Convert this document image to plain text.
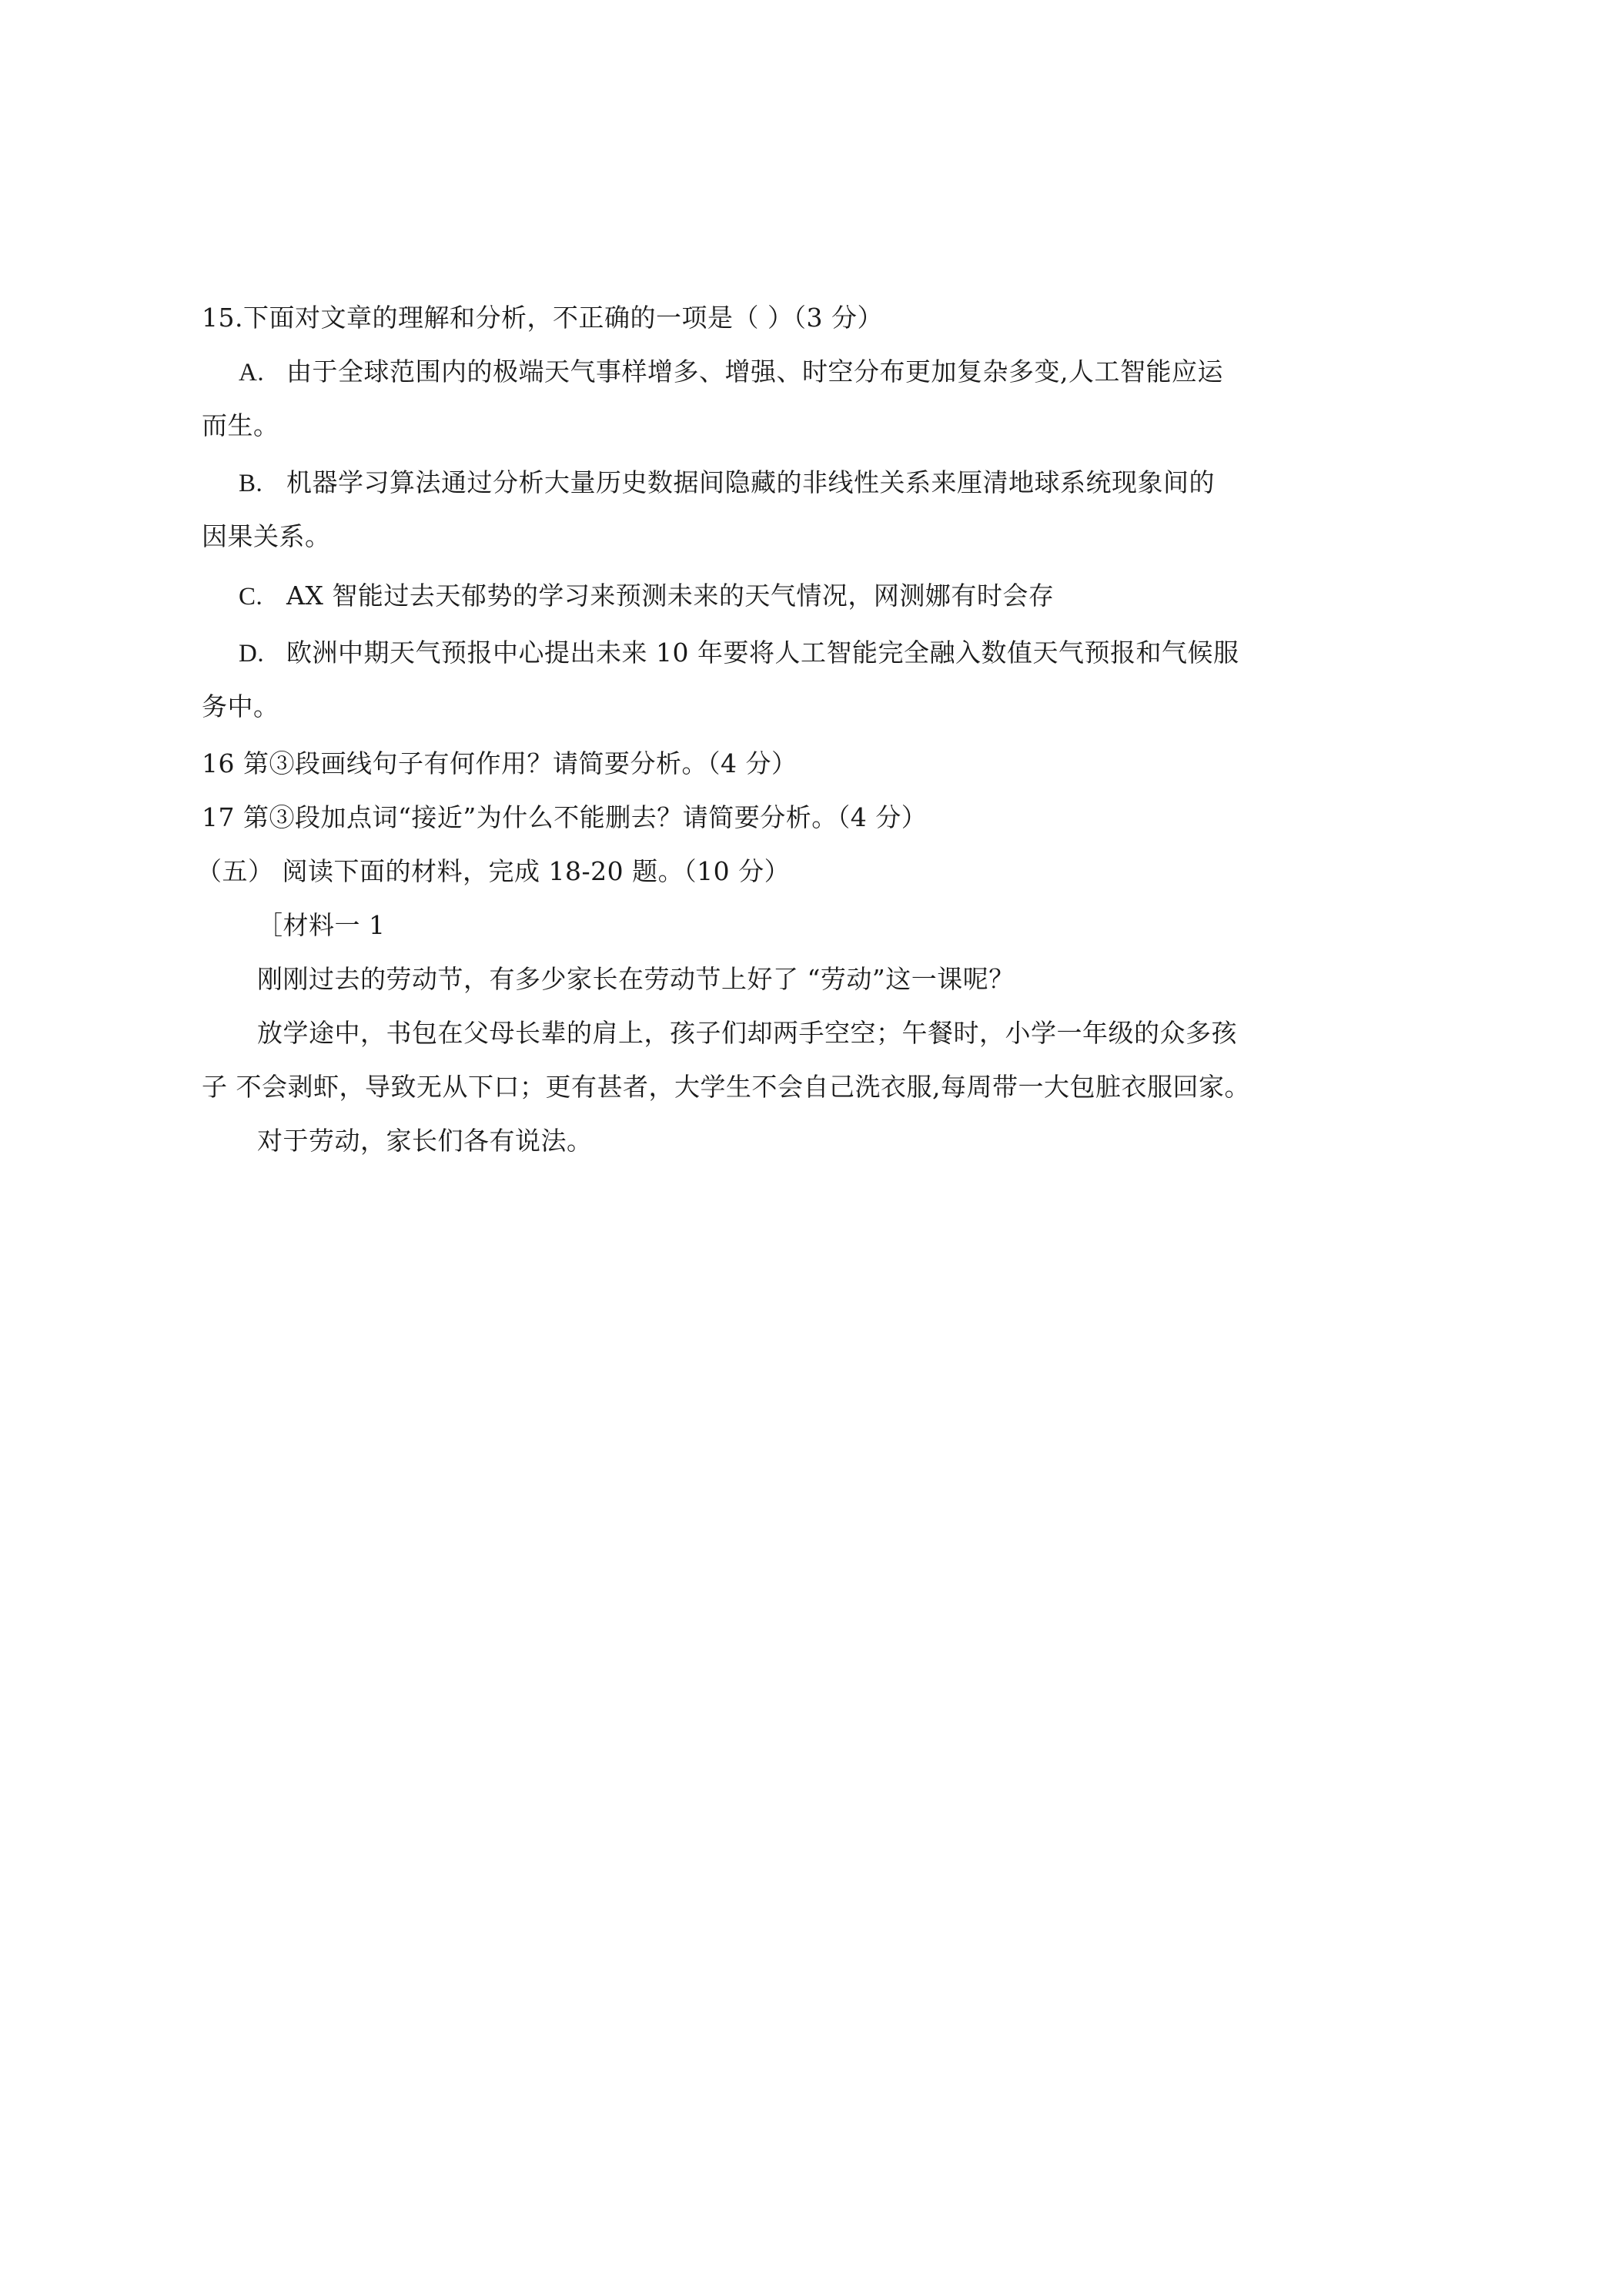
15.下面对文章的理解和分析，不正确的一项是（ ）（3 分）
A. 由于全球范围内的极端天气事样增多、增强、时空分布更加复杂多变,人工智能应运
而生。
B. 机器学习算法通过分析大量历史数据间隐藏的非线性关系来厘清地球系统现象间的
因果关系。
C. AX 智能过去天郁势的学习来预测未来的天气情况，网测娜有时会存
D. 欧洲中期天气预报中心提出未来 10 年要将人工智能完全融入数值天气预报和气候服
务中。
16 第③段画线句子有何作用？请简要分析。（4 分）
17 第③段加点词“接近”为什么不能删去？请简要分析。（4 分）
（五） 阅读下面的材料，完成 18-20 题。（10 分）
［材料一 1
刚刚过去的劳动节，有多少家长在劳动节上好了 “劳动”这一课呢？
放学途中，书包在父母长辈的肩上，孩子们却两手空空；午餐时，小学一年级的众多孩
子 不会剥虾，导致无从下口；更有甚者，大学生不会自己洗衣服,每周带一大包脏衣服回家。
对于劳动，家长们各有说法。
